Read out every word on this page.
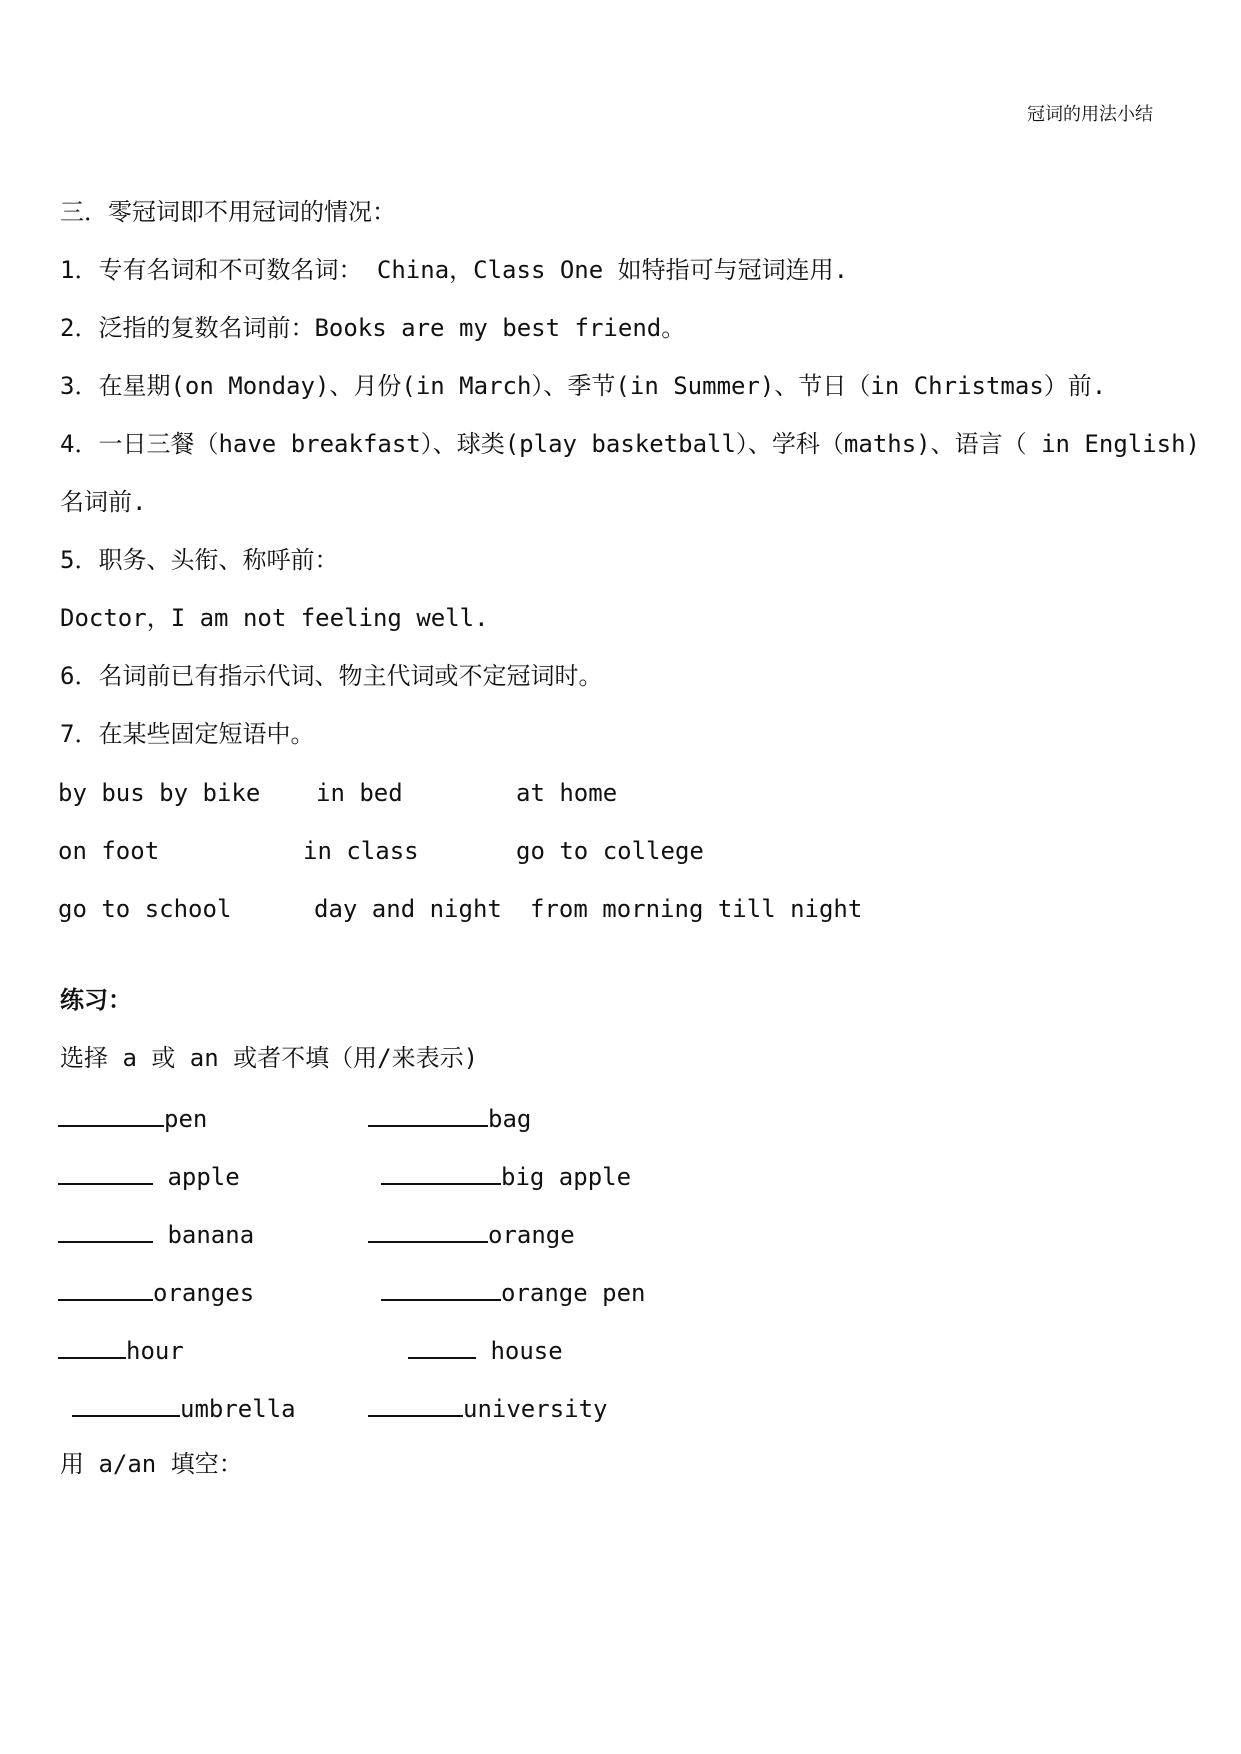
冠词的用法小结
三．零冠词即不用冠词的情况：
1．专有名词和不可数名词： China，Class One 如特指可与冠词连用.
2．泛指的复数名词前：Books are my best friend。
3．在星期(on Monday)、月份(in March）、季节(in Summer)、节日（in Christmas）前.
4．一日三餐（have breakfast）、球类(play basketball）、学科（maths)、语言（ in English)
名词前.
5．职务、头衔、称呼前：
Doctor，I am not feeling well.
6．名词前已有指示代词、物主代词或不定冠词时。
7．在某些固定短语中。
by bus by bike in bed	at home
on foot	in class	go to college
go to school	day and night from morning till night
练习：
选择 a 或 an 或者不填（用/来表示)
pen	bag
apple	big apple
banana	orange
oranges	orange pen
hour	house
umbrella	university
用 a/an 填空：
